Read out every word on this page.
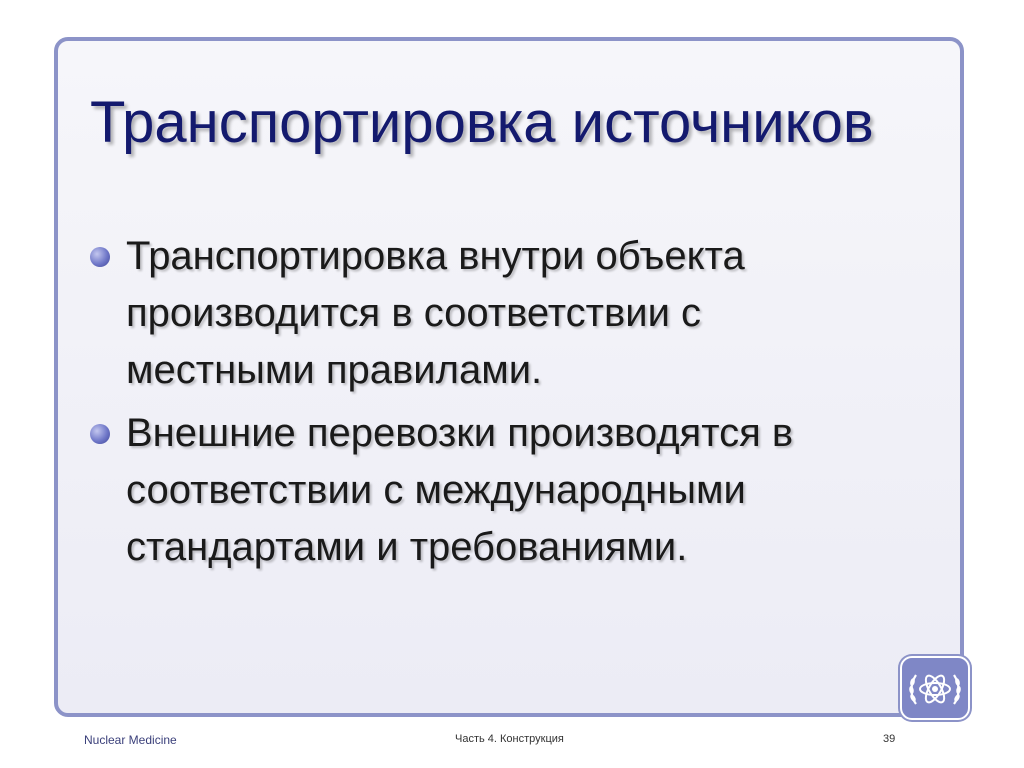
Транспортировка источников
Транспортировка внутри объекта
производится в соответствии с
местными правилами.
Внешние перевозки производятся в
соответствии с международными
стандартами и требованиями.
Nuclear Medicine	Часть 4. Конструкция	39
